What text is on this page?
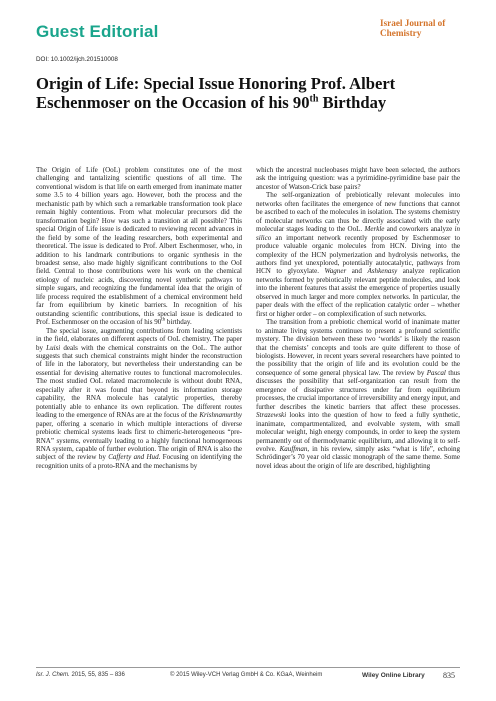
Guest Editorial	Israel Journal of Chemistry
DOI: 10.1002/ijch.201510008
Origin of Life: Special Issue Honoring Prof. Albert Eschenmoser on the Occasion of his 90th Birthday

The Origin of Life (OoL) problem constitutes one of the most challenging and tantalizing scientific questions of all time. The conventional wisdom is that life on earth emerged from inanimate matter some 3.5 to 4 billion years ago. However, both the process and the mechanistic path by which such a remarkable transformation took place remain highly contentious. From what molecular precursors did the transformation begin? How was such a transition at all possible? This special Origin of Life issue is dedicated to reviewing recent advances in the field by some of the leading researchers, both experimental and theoretical. The issue is dedicated to Prof. Albert Eschenmoser, who, in addition to his landmark contributions to organic synthesis in the broadest sense, also made highly significant contributions to the OoI field. Central to those contributions were his work on the chemical etiology of nucleic acids, discovering novel synthetic pathways to simple sugars, and recognizing the fundamental idea that the origin of life process required the establishment of a chemical environment held far from equilibrium by kinetic barriers. In recognition of his outstanding scientific contributions, this special issue is dedicated to Prof. Eschenmoser on the occasion of his 90th birthday.

The special issue, augmenting contributions from leading scientists in the field, elaborates on different aspects of OoL chemistry. The paper by Luisi deals with the chemical constraints on the OoL. The author suggests that such chemical constraints might hinder the reconstruction of life in the laboratory, but nevertheless their understanding can be essential for devising alternative routes to functional macromolecules. The most studied OoL related macromolecule is without doubt RNA, especially after it was found that beyond its information storage capability, the RNA molecule has catalytic properties, thereby potentially able to enhance its own replication. The different routes leading to the emergence of RNAs are at the focus of the Krishnamurthy paper, offering a scenario in which multiple interactions of diverse prebiotic chemical systems leads first to chimeric-heterogeneous “pre-RNA” systems, eventually leading to a highly functional homogeneous RNA system, capable of further evolution. The origin of RNA is also the subject of the review by Cafferty and Hud. Focusing on identifying the recognition units of a proto-RNA and the mechanisms by

which the ancestral nucleobases might have been selected, the authors ask the intriguing question: was a pyrimidine-pyrimidine base pair the ancestor of Watson-Crick base pairs?

The self-organization of prebiotically relevant molecules into networks often facilitates the emergence of new functions that cannot be ascribed to each of the molecules in isolation. The systems chemistry of molecular networks can thus be directly associated with the early molecular stages leading to the OoL. Merkle and coworkers analyze in silico an important network recently proposed by Eschenmoser to produce valuable organic molecules from HCN. Diving into the complexity of the HCN polymerization and hydrolysis networks, the authors find yet unexplored, potentially autocatalytic, pathways from HCN to glyoxylate. Wagner and Ashkenasy analyze replication networks formed by prebiotically relevant peptide molecules, and look into the inherent features that assist the emergence of properties usually observed in much larger and more complex networks. In particular, the paper deals with the effect of the replication catalytic order – whether first or higher order – on complexification of such networks.

The transition from a prebiotic chemical world of inanimate matter to animate living systems continues to present a profound scientific mystery. The division between these two ‘worlds’ is likely the reason that the chemists’ concepts and tools are quite different to those of biologists. However, in recent years several researchers have pointed to the possibility that the origin of life and its evolution could be the consequence of some general physical law. The review by Pascal thus discusses the possibility that self-organization can result from the emergence of dissipative structures under far from equilibrium processes, the crucial importance of irreversibility and energy input, and further describes the kinetic barriers that affect these processes. Strazewski looks into the question of how to feed a fully synthetic, inanimate, compartmentalized, and evolvable system, with small molecular weight, high energy compounds, in order to keep the system permanently out of thermodynamic equilibrium, and allowing it to self-evolve. Kauffman, in his review, simply asks “what is life”, echoing Schrödinger’s 70 year old classic monograph of the same theme. Some novel ideas about the origin of life are described, highlighting

Isr. J. Chem. 2015, 55, 835 – 836	© 2015 Wiley-VCH Verlag GmbH & Co. KGaA, Weinheim	Wiley Online Library 835
